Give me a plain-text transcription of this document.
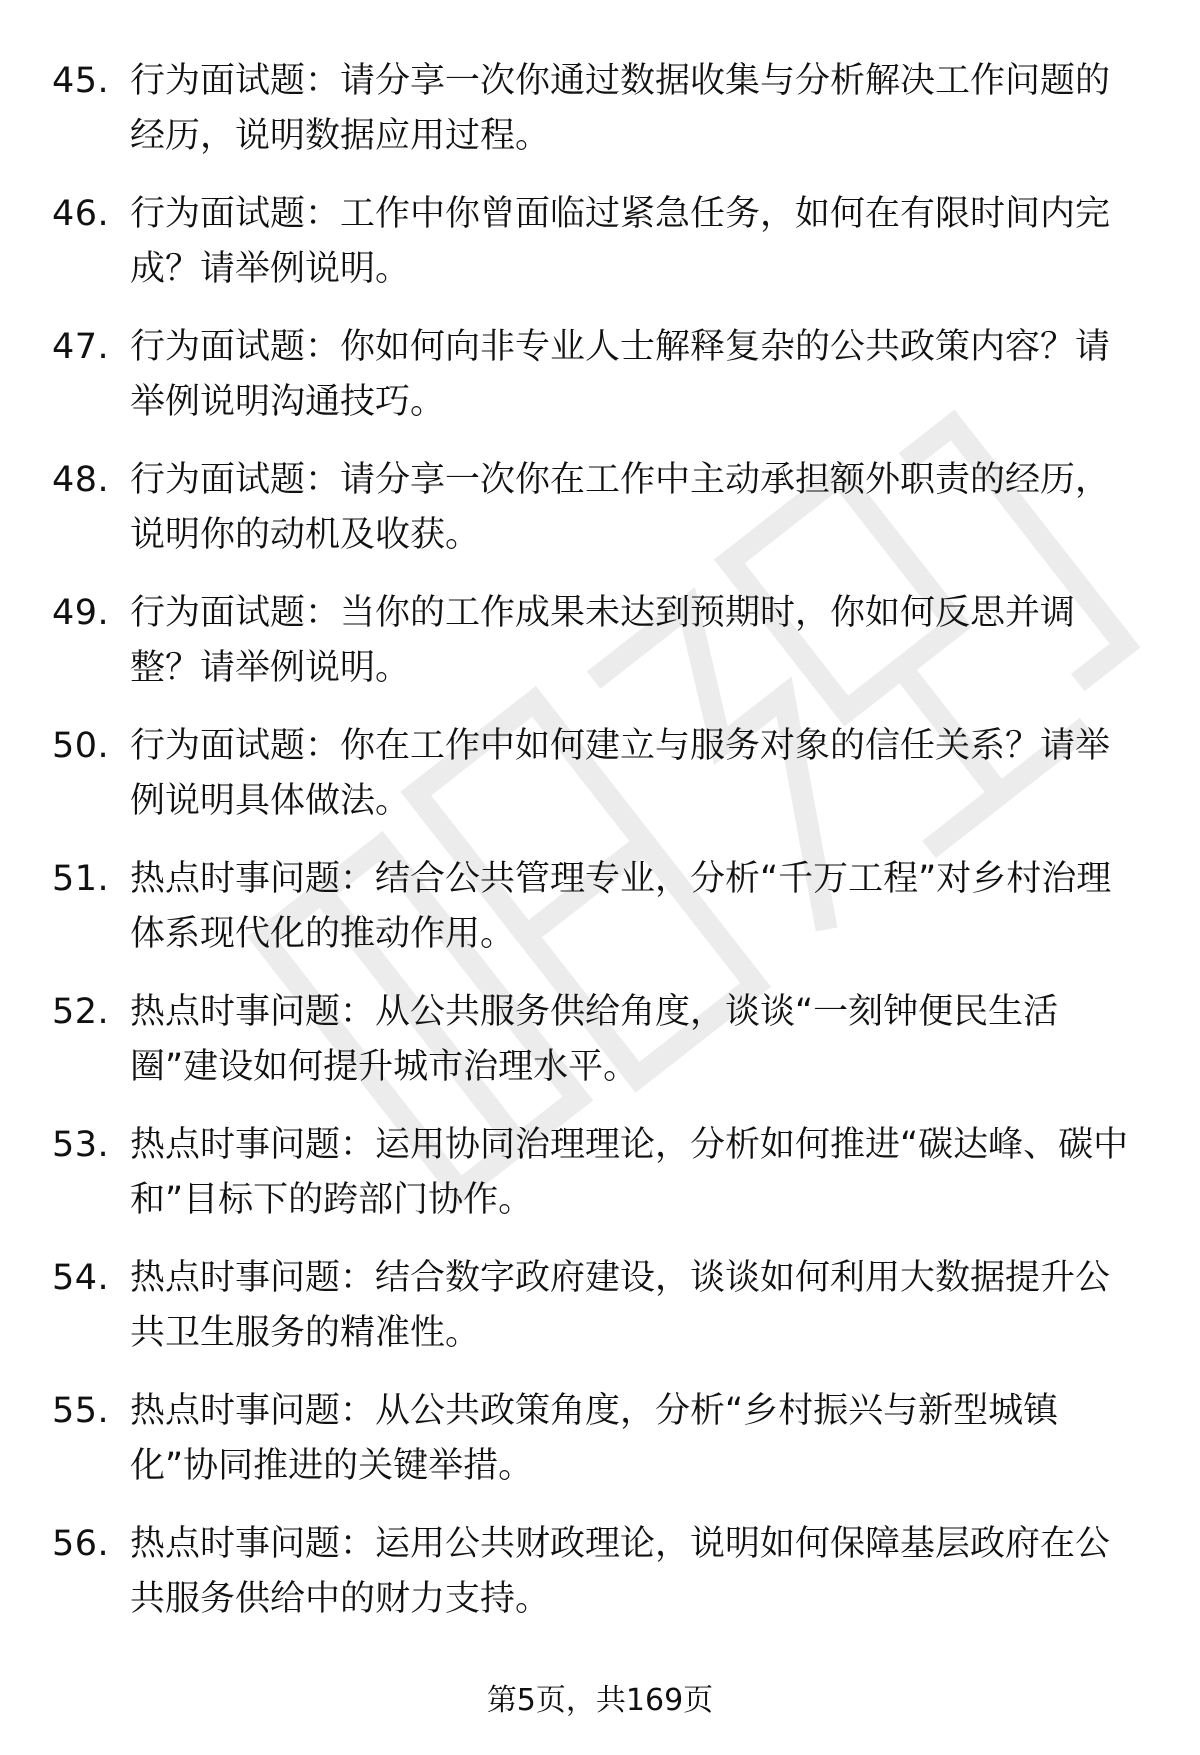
45. 行为面试题：请分享一次你通过数据收集与分析解决工作问题的经历，说明数据应用过程。
46. 行为面试题：工作中你曾面临过紧急任务，如何在有限时间内完成？请举例说明。
47. 行为面试题：你如何向非专业人士解释复杂的公共政策内容？请举例说明沟通技巧。
48. 行为面试题：请分享一次你在工作中主动承担额外职责的经历，说明你的动机及收获。
49. 行为面试题：当你的工作成果未达到预期时，你如何反思并调整？请举例说明。
50. 行为面试题：你在工作中如何建立与服务对象的信任关系？请举例说明具体做法。
51. 热点时事问题：结合公共管理专业，分析“千万工程”对乡村治理体系现代化的推动作用。
52. 热点时事问题：从公共服务供给角度，谈谈“一刻钟便民生活圈”建设如何提升城市治理水平。
53. 热点时事问题：运用协同治理理论，分析如何推进“碳达峰、碳中和”目标下的跨部门协作。
54. 热点时事问题：结合数字政府建设，谈谈如何利用大数据提升公共卫生服务的精准性。
55. 热点时事问题：从公共政策角度，分析“乡村振兴与新型城镇化”协同推进的关键举措。
56. 热点时事问题：运用公共财政理论，说明如何保障基层政府在公共服务供给中的财力支持。
第5页，共169页
